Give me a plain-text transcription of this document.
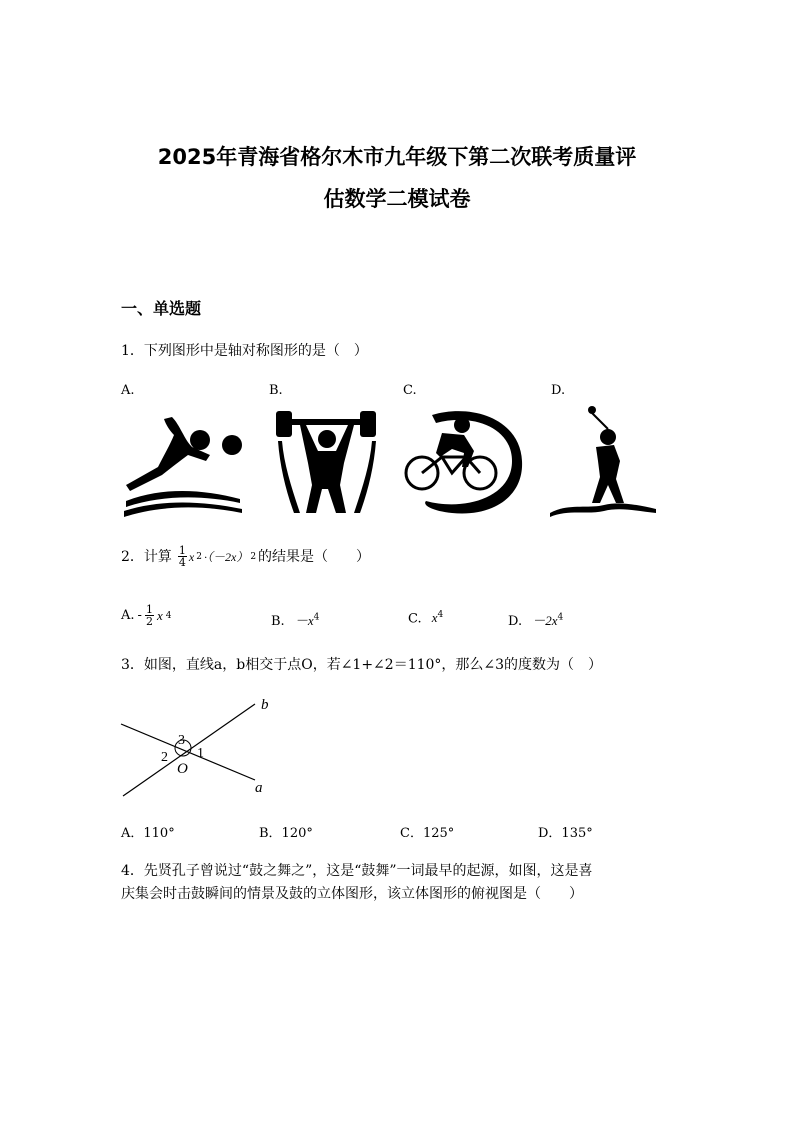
2025年青海省格尔木市九年级下第二次联考质量评
估数学二模试卷
一、单选题
1．下列图形中是轴对称图形的是（　）
A.	B.	C.	D.
2．计算 $\frac{1}{4}$ x 2 ·（－2x） 2 的结果是（　　）
A. - $\frac{1}{2}$ x 4	B. $-x^4$	C. $x^4$	D. $-2x^4$
3．如图，直线a，b相交于点O，若∠1+∠2＝110°，那么∠3的度数为（　）
b
a
3
2 1
O
A．110°	B．120°	C．125°	D．135°
4．先贤孔子曾说过“鼓之舞之”，这是“鼓舞”一词最早的起源，如图，这是喜
庆集会时击鼓瞬间的情景及鼓的立体图形，该立体图形的俯视图是（　　）
